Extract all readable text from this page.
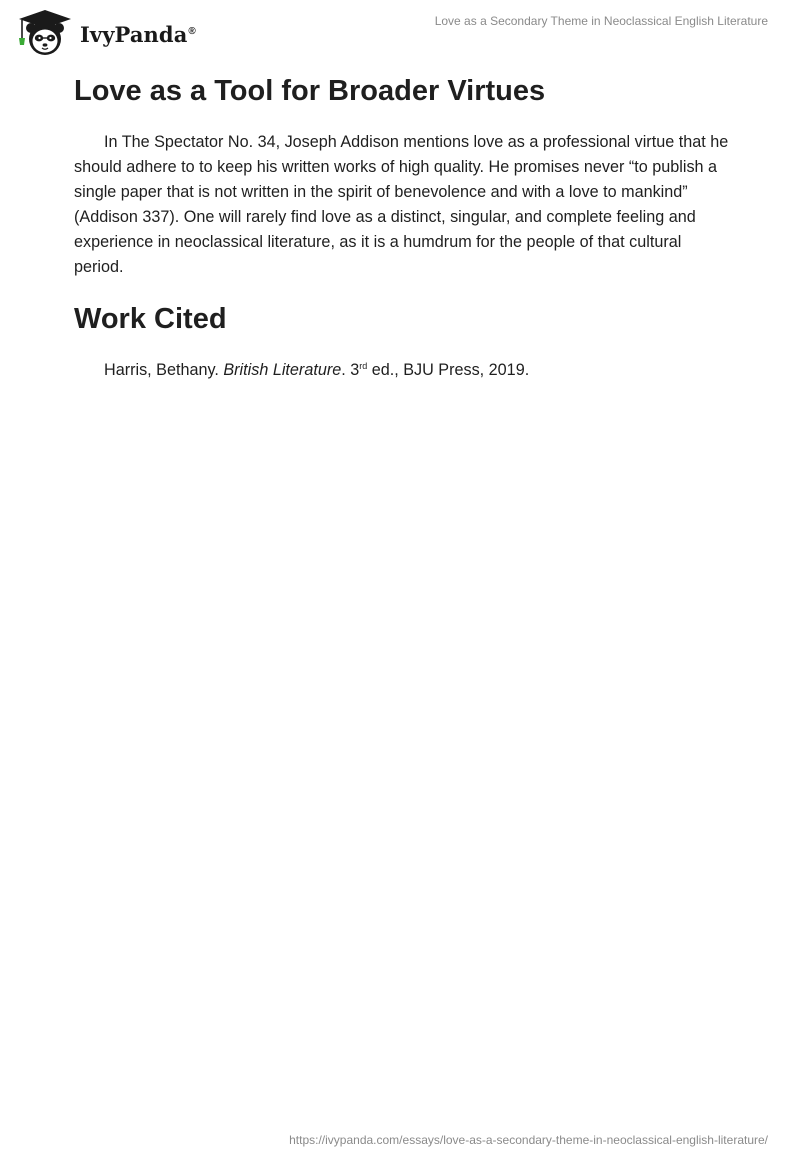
IvyPanda®
Love as a Secondary Theme in Neoclassical English Literature
Love as a Tool for Broader Virtues

In The Spectator No. 34, Joseph Addison mentions love as a professional virtue that he should adhere to to keep his written works of high quality. He promises never “to publish a single paper that is not written in the spirit of benevolence and with a love to mankind” (Addison 337). One will rarely find love as a distinct, singular, and complete feeling and experience in neoclassical literature, as it is a humdrum for the people of that cultural period.

Work Cited

Harris, Bethany. British Literature. 3rd ed., BJU Press, 2019.

https://ivypanda.com/essays/love-as-a-secondary-theme-in-neoclassical-english-literature/
